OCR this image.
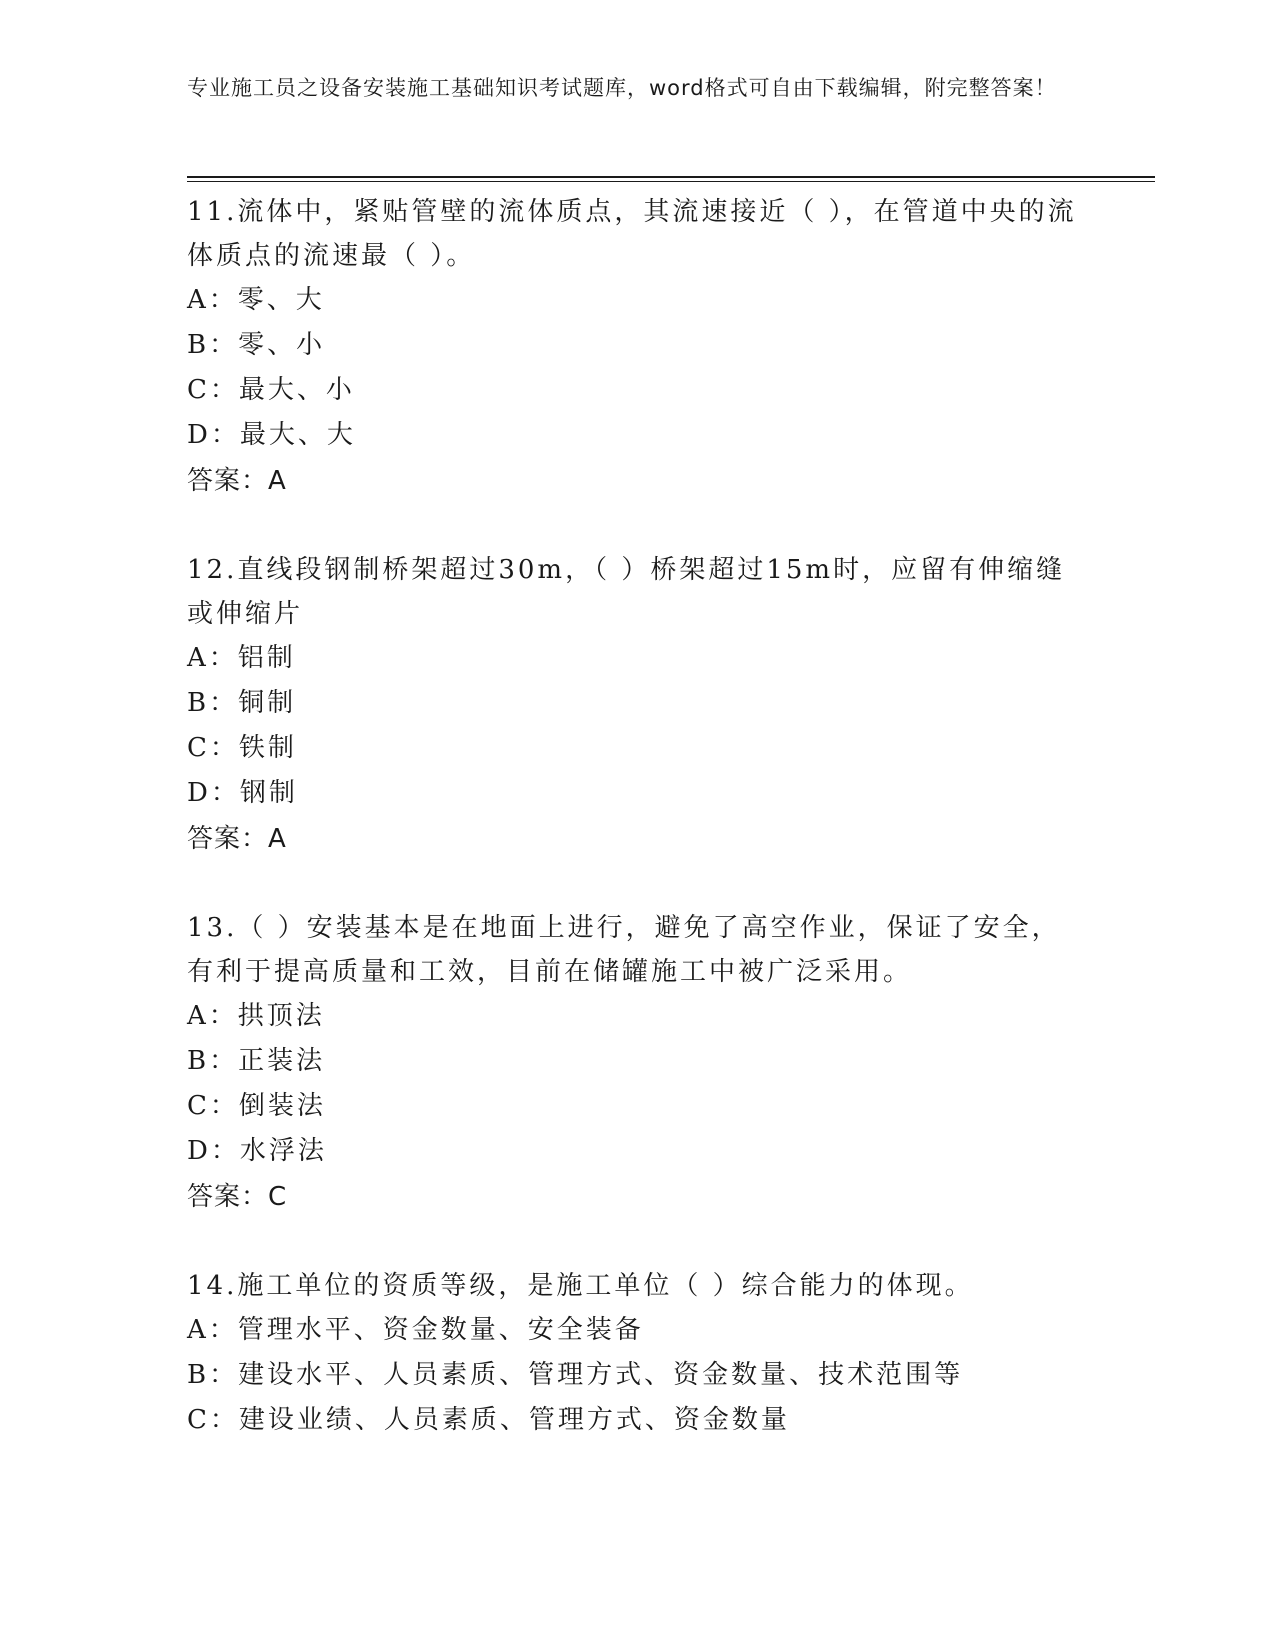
专业施工员之设备安装施工基础知识考试题库，word格式可自由下载编辑，附完整答案！

11.流体中，紧贴管壁的流体质点，其流速接近（ ），在管道中央的流体质点的流速最（ ）。

A：零、大

B：零、小

C：最大、小

D：最大、大

答案：A

12.直线段钢制桥架超过30m，（ ）桥架超过15m时，应留有伸缩缝或伸缩片

A：铝制

B：铜制

C：铁制

D：钢制

答案：A

13.（ ）安装基本是在地面上进行，避免了高空作业，保证了安全，有利于提高质量和工效，目前在储罐施工中被广泛采用。

A：拱顶法

B：正装法

C：倒装法

D：水浮法

答案：C

14.施工单位的资质等级，是施工单位（ ）综合能力的体现。

A：管理水平、资金数量、安全装备

B：建设水平、人员素质、管理方式、资金数量、技术范围等

C：建设业绩、人员素质、管理方式、资金数量
